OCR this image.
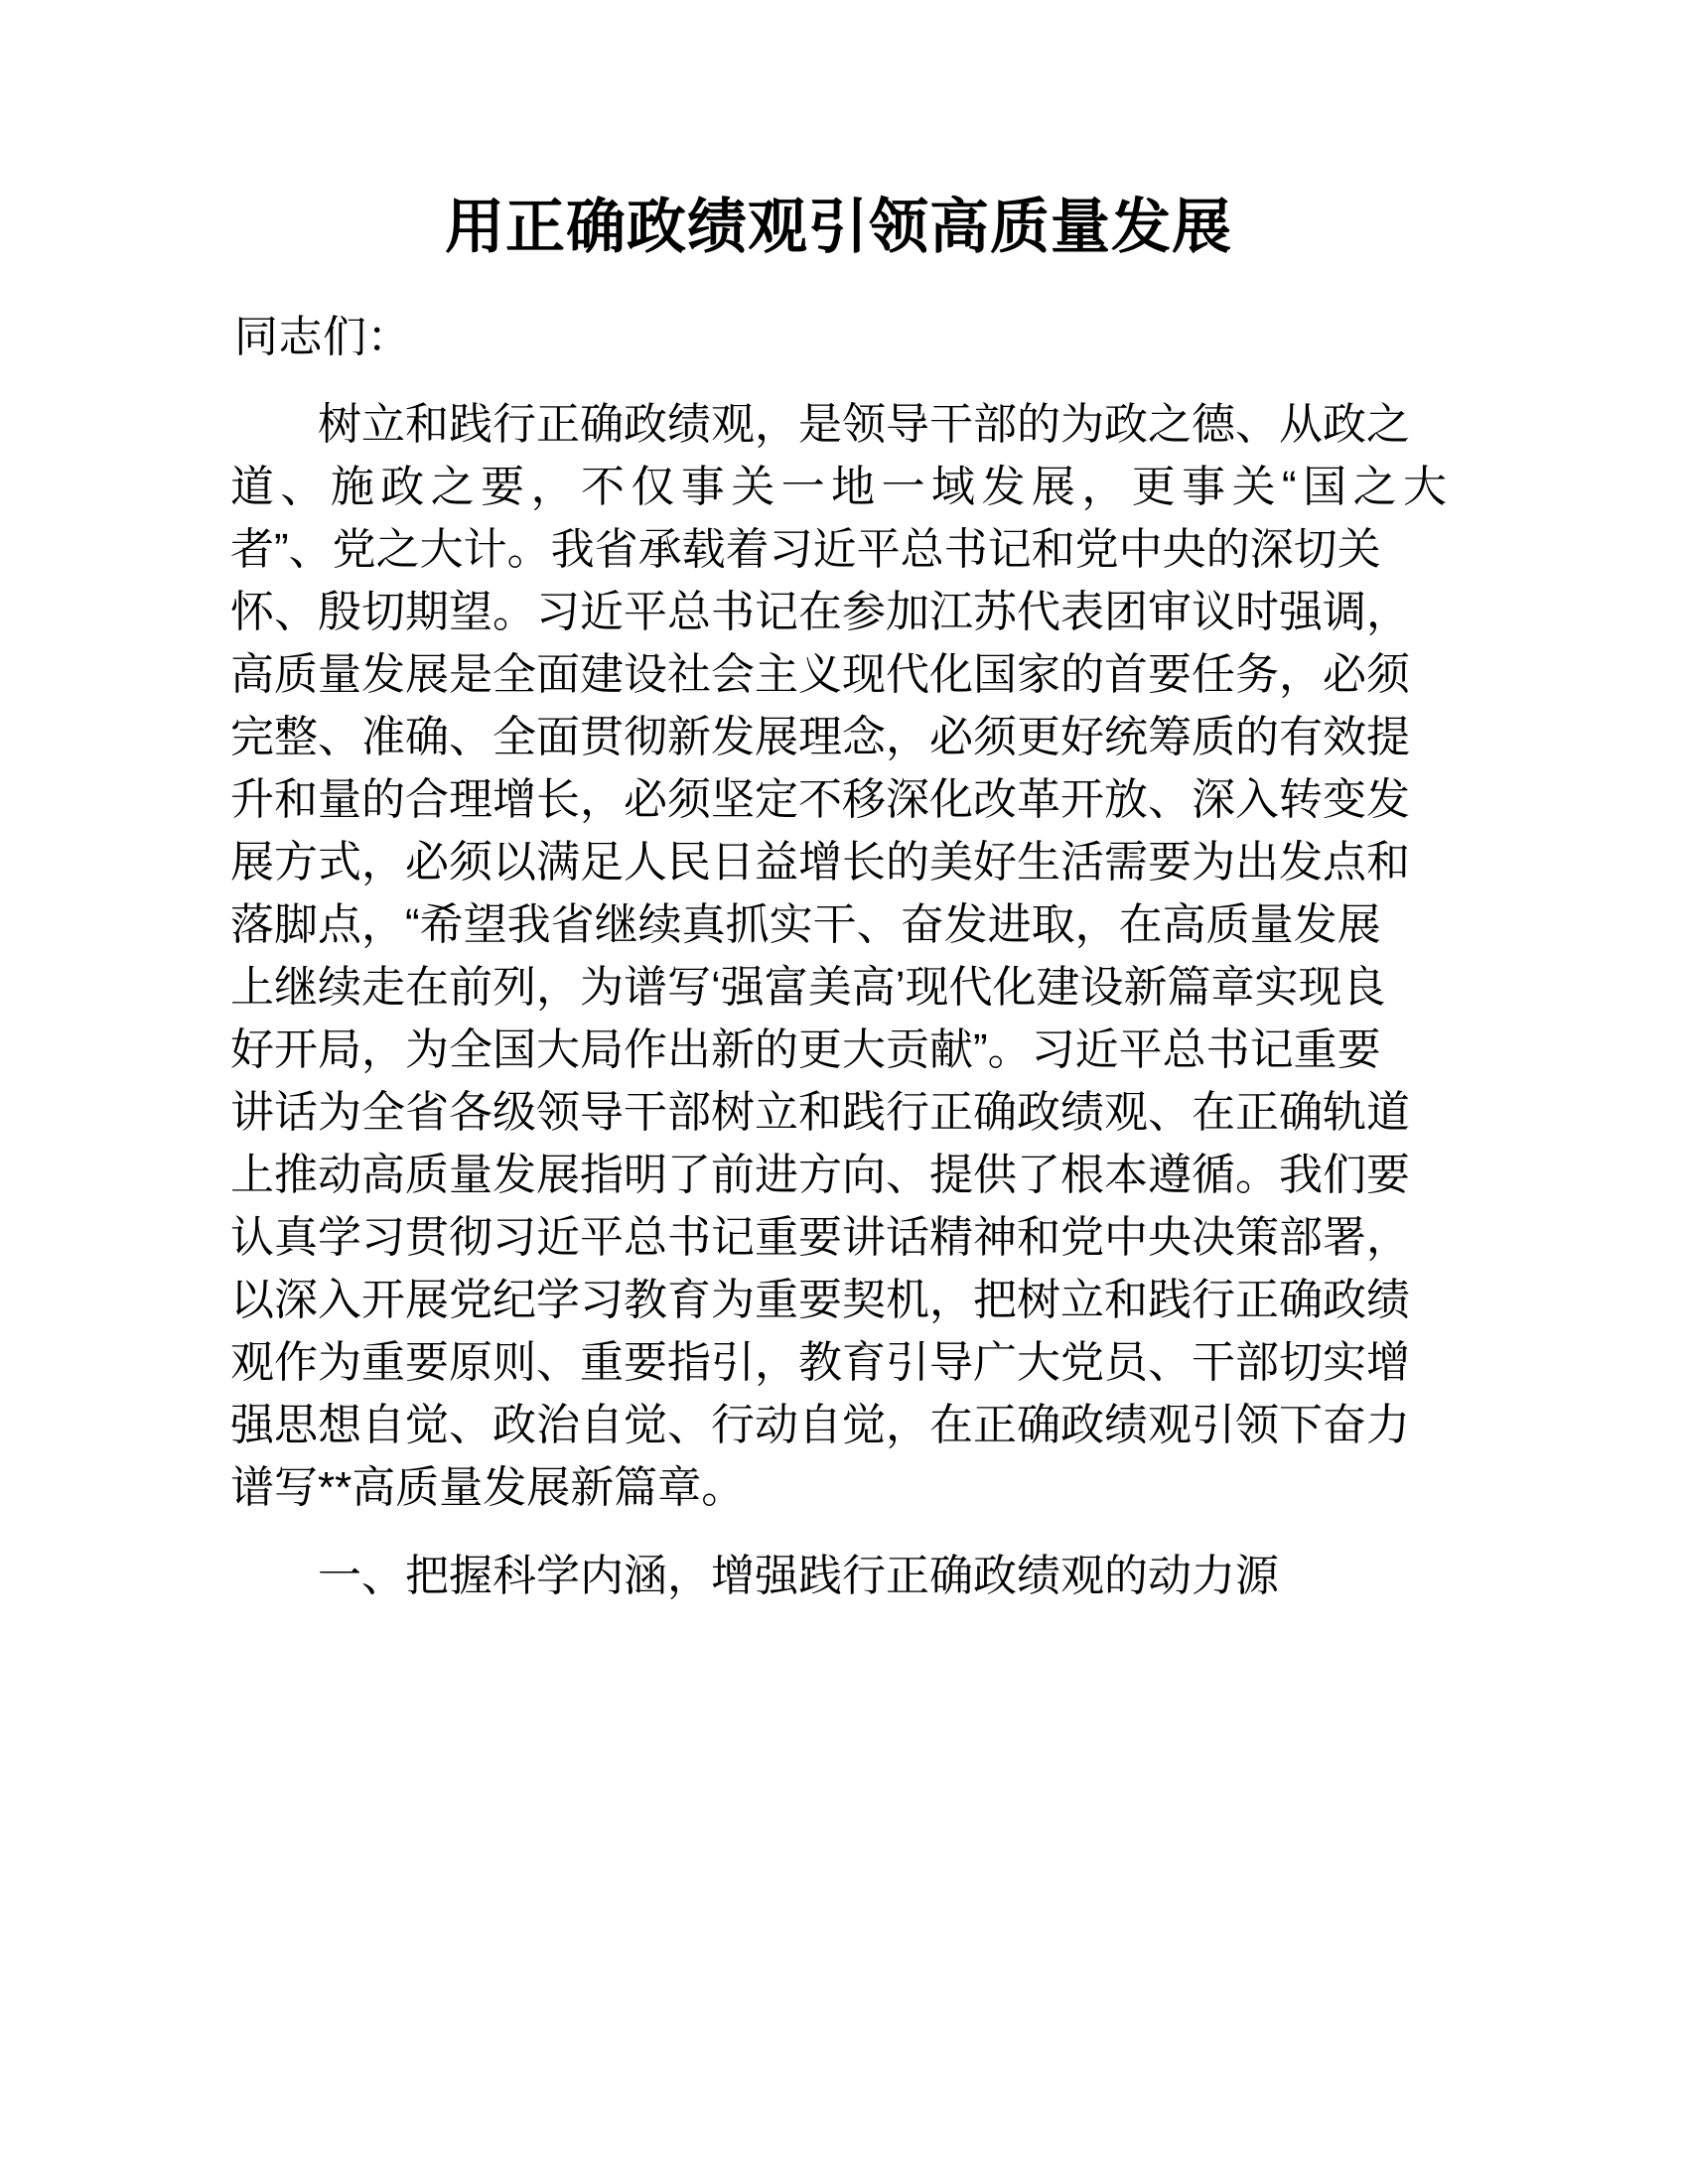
用正确政绩观引领高质量发展
同志们：
树立和践行正确政绩观，是领导干部的为政之德、从政之
道、施政之要，不仅事关一地一域发展，更事关“国之大
者”、党之大计。我省承载着习近平总书记和党中央的深切关
怀、殷切期望。习近平总书记在参加江苏代表团审议时强调，
高质量发展是全面建设社会主义现代化国家的首要任务，必须
完整、准确、全面贯彻新发展理念，必须更好统筹质的有效提
升和量的合理增长，必须坚定不移深化改革开放、深入转变发
展方式，必须以满足人民日益增长的美好生活需要为出发点和
落脚点，“希望我省继续真抓实干、奋发进取，在高质量发展
上继续走在前列，为谱写‘强富美高’现代化建设新篇章实现良
好开局，为全国大局作出新的更大贡献”。习近平总书记重要
讲话为全省各级领导干部树立和践行正确政绩观、在正确轨道
上推动高质量发展指明了前进方向、提供了根本遵循。我们要
认真学习贯彻习近平总书记重要讲话精神和党中央决策部署，
以深入开展党纪学习教育为重要契机，把树立和践行正确政绩
观作为重要原则、重要指引，教育引导广大党员、干部切实增
强思想自觉、政治自觉、行动自觉，在正确政绩观引领下奋力
谱写**高质量发展新篇章。
一、把握科学内涵，增强践行正确政绩观的动力源
